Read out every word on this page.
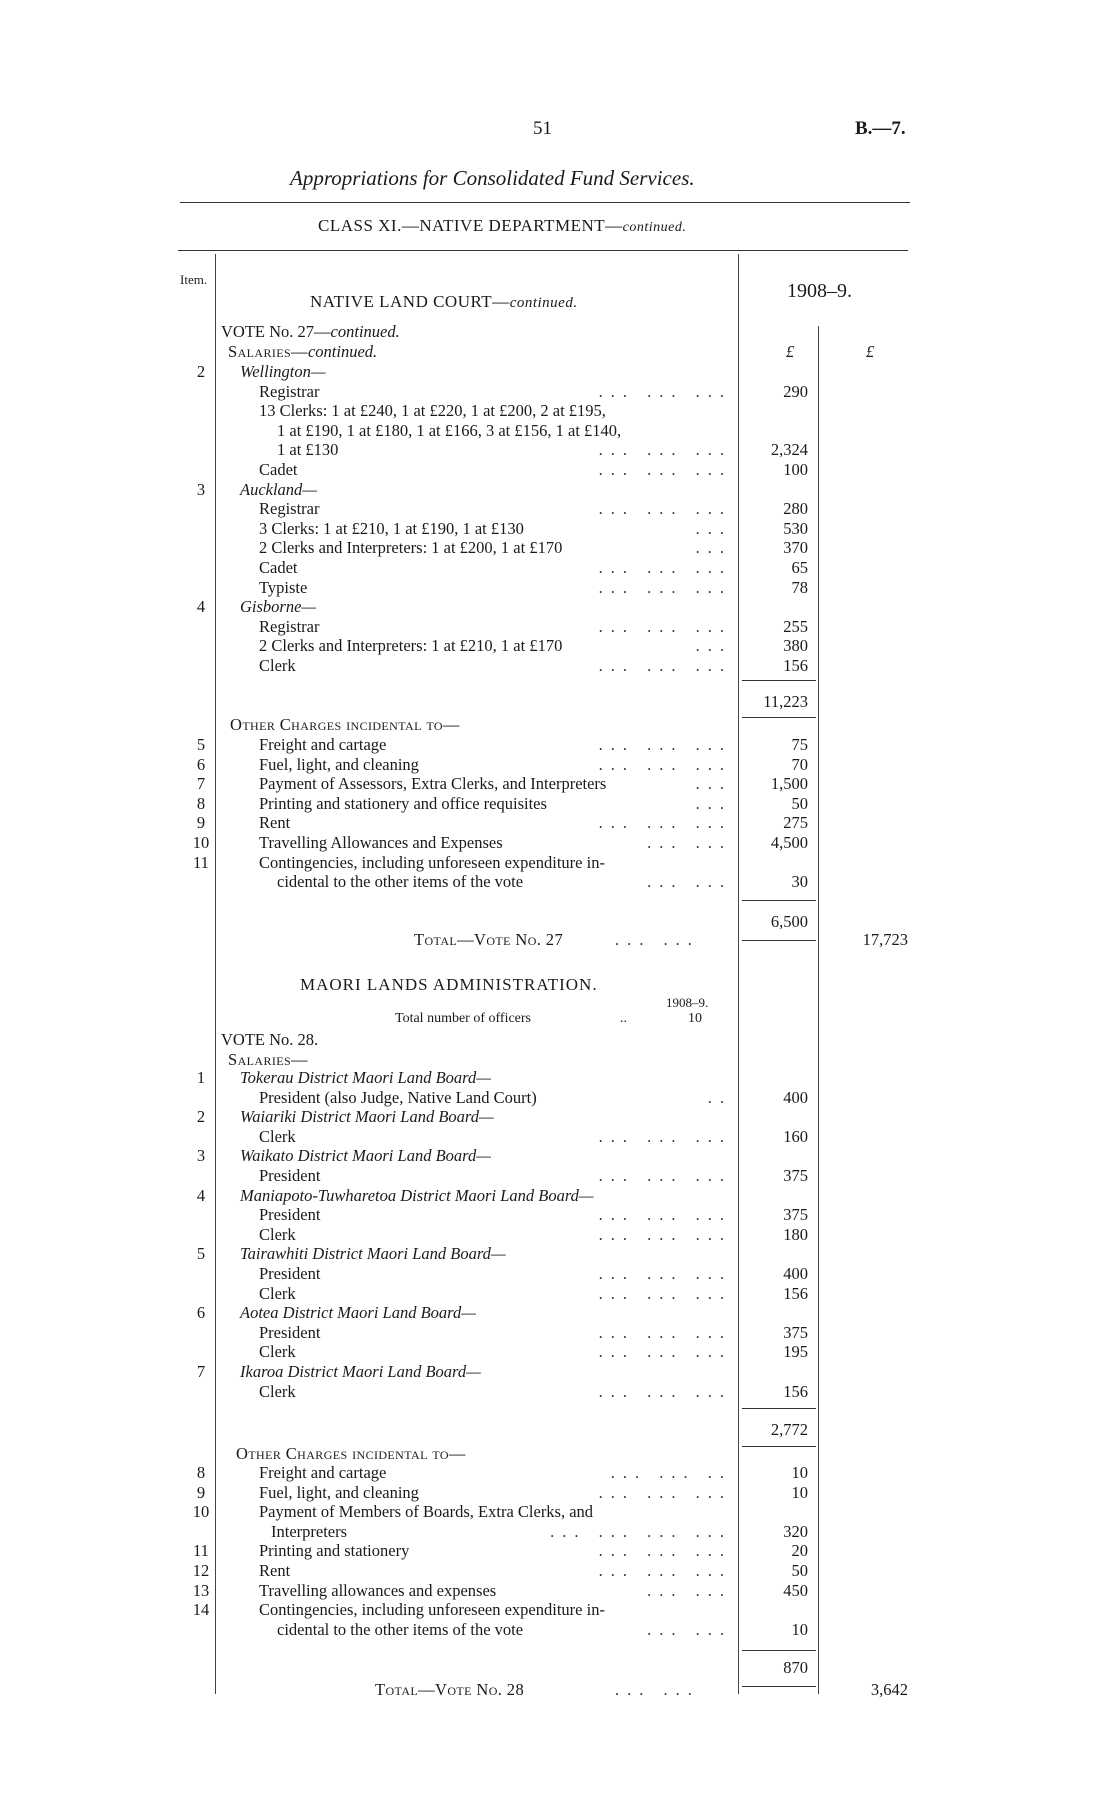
51	B.—7.
Appropriations for Consolidated Fund Services.
CLASS XI.—NATIVE DEPARTMENT—continued.
Item.
1908–9.
£	£
NATIVE LAND COURT—continued.
VOTE No. 27—continued.
Salaries—continued.
2	Wellington—
Registrar	... ... ...	290
13 Clerks: 1 at £240, 1 at £220, 1 at £200, 2 at £195,
1 at £190, 1 at £180, 1 at £166, 3 at £156, 1 at £140,
1 at £130	... ... ...	2,324
Cadet	... ... ...	100
3	Auckland—
Registrar	... ... ...	280
3 Clerks: 1 at £210, 1 at £190, 1 at £130	...	530
2 Clerks and Interpreters: 1 at £200, 1 at £170	...	370
Cadet	... ... ...	65
Typiste	... ... ...	78
4	Gisborne—
Registrar	... ... ...	255
2 Clerks and Interpreters: 1 at £210, 1 at £170	...	380
Clerk	... ... ...	156
11,223
Other Charges incidental to—
5	Freight and cartage	... ... ...	75
6	Fuel, light, and cleaning	... ... ...	70
7	Payment of Assessors, Extra Clerks, and Interpreters	...	1,500
8	Printing and stationery and office requisites	...	50
9	Rent	... ... ...	275
10	Travelling Allowances and Expenses	... ...	4,500
11	Contingencies, including unforeseen expenditure in-
cidental to the other items of the vote	... ...	30
6,500
Total—Vote No. 27	... ...	17,723
MAORI LANDS ADMINISTRATION.
1908–9.
Total number of officers	..	10
VOTE No. 28.
Salaries—
1	Tokerau District Maori Land Board—
President (also Judge, Native Land Court)	..	400
2	Waiariki District Maori Land Board—
Clerk	... ... ...	160
3	Waikato District Maori Land Board—
President	... ... ...	375
4	Maniapoto-Tuwharetoa District Maori Land Board—
President	... ... ...	375
Clerk	... ... ...	180
5	Tairawhiti District Maori Land Board—
President	... ... ...	400
Clerk	... ... ...	156
6	Aotea District Maori Land Board—
President	... ... ...	375
Clerk	... ... ...	195
7	Ikaroa District Maori Land Board—
Clerk	... ... ...	156
2,772
Other Charges incidental to—
8	Freight and cartage	... ... ..	10
9	Fuel, light, and cleaning	... ... ...	10
10	Payment of Members of Boards, Extra Clerks, and
Interpreters	... ... ... ...	320
11	Printing and stationery	... ... ...	20
12	Rent	... ... ...	50
13	Travelling allowances and expenses	... ...	450
14	Contingencies, including unforeseen expenditure in-
cidental to the other items of the vote	... ...	10
870
Total—Vote No. 28	... ...	3,642
